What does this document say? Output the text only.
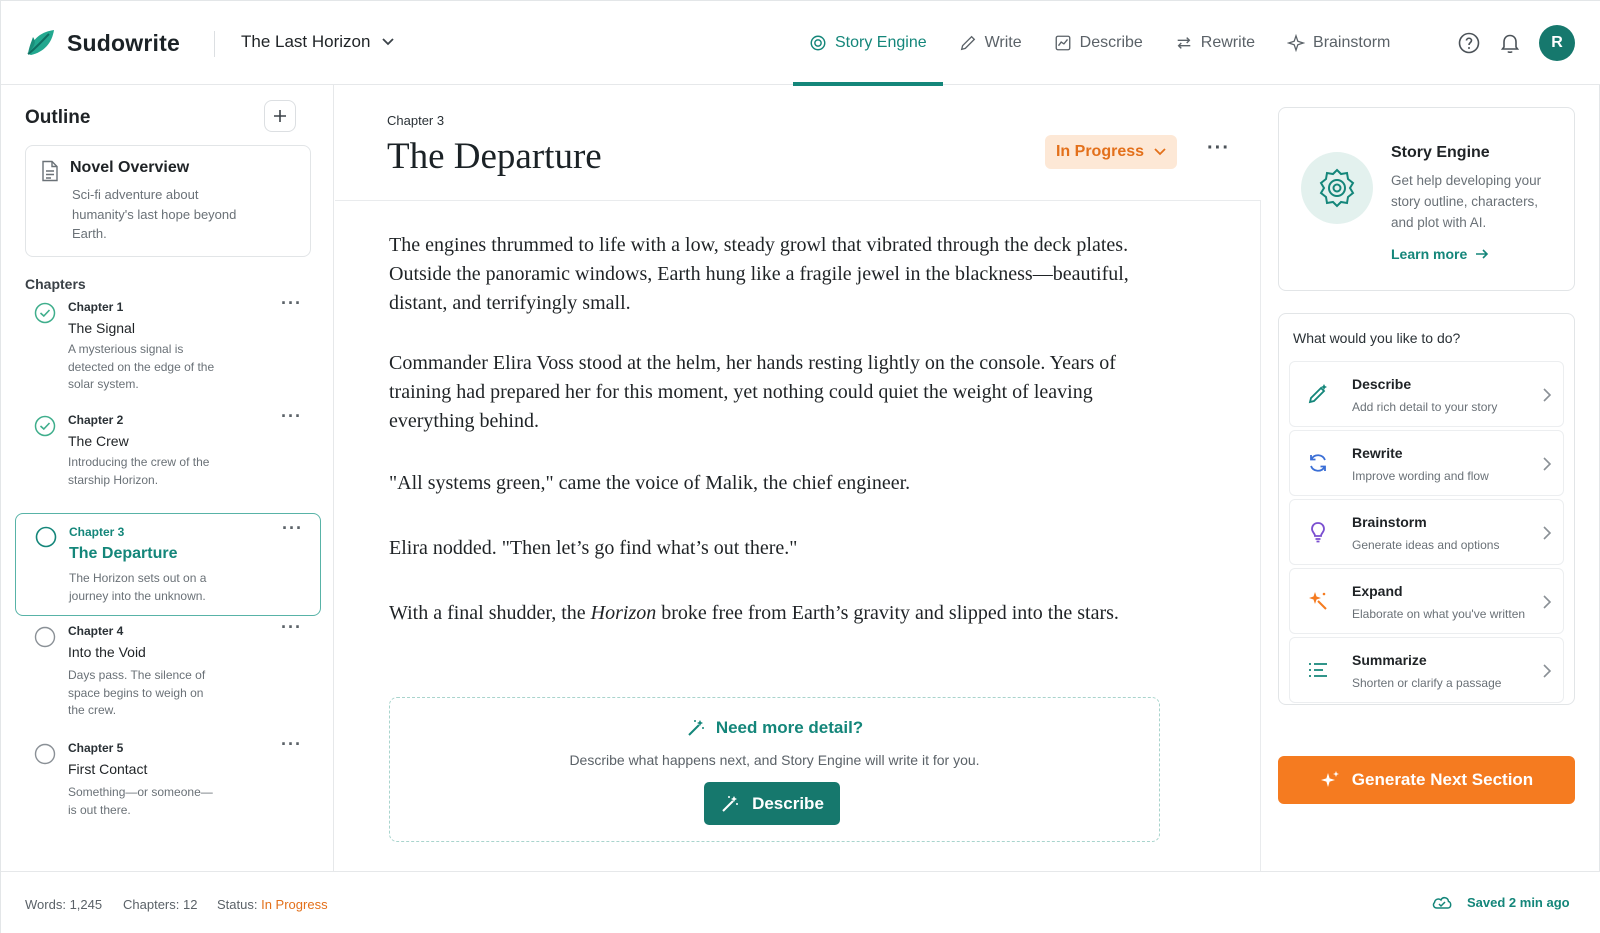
Sudowrite	The Last Horizon	Story Engine	Write	Describe	Rewrite	Brainstorm	R
Outline
Novel Overview
Sci-fi adventure about humanity's last hope beyond Earth.
Chapters
Chapter 1
The Signal
A mysterious signal is detected on the edge of the solar system.
···
Chapter 2
The Crew
Introducing the crew of the starship Horizon.
···
Chapter 3
The Departure
The Horizon sets out on a journey into the unknown.
···
Chapter 4
Into the Void
Days pass. The silence of space begins to weigh on the crew.
···
Chapter 5
First Contact
Something—or someone—is out there.
···
Chapter 3
The Departure	In Progress	···

The engines thrummed to life with a low, steady growl that vibrated through the deck plates. Outside the panoramic windows, Earth hung like a fragile jewel in the blackness—beautiful, distant, and terrifyingly small.

Commander Elira Voss stood at the helm, her hands resting lightly on the console. Years of training had prepared her for this moment, yet nothing could quiet the weight of leaving everything behind.

"All systems green," came the voice of Malik, the chief engineer.

Elira nodded. "Then let’s go find what’s out there."

With a final shudder, the Horizon broke free from Earth’s gravity and slipped into the stars.

Need more detail?
Describe what happens next, and Story Engine will write it for you.
Describe
Story Engine
Get help developing your story outline, characters, and plot with AI.
Learn more
What would you like to do?
Describe
Add rich detail to your story
Rewrite
Improve wording and flow
Brainstorm
Generate ideas and options
Expand
Elaborate on what you've written
Summarize
Shorten or clarify a passage
Generate Next Section
Words: 1,245 Chapters: 12 Status: In Progress	Saved 2 min ago
